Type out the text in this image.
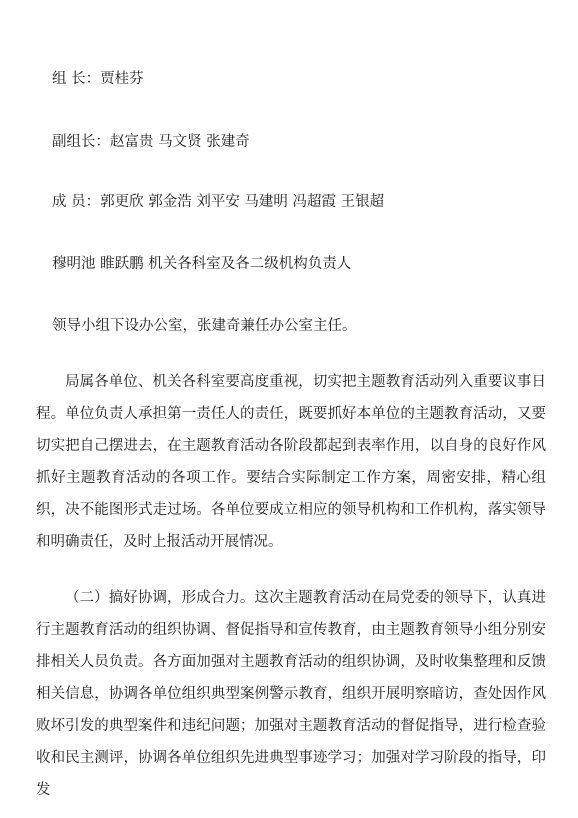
组 长：贾桂芬
副组长：赵富贵 马文贤 张建奇
成 员：郭更欣 郭金浩 刘平安 马建明 冯超霞 王银超
穆明池 睢跃鹏 机关各科室及各二级机构负责人
领导小组下设办公室，张建奇兼任办公室主任。

局属各单位、机关各科室要高度重视，切实把主题教育活动列入重要议事日程。单位负责人承担第一责任人的责任，既要抓好本单位的主题教育活动，又要切实把自己摆进去，在主题教育活动各阶段都起到表率作用，以自身的良好作风抓好主题教育活动的各项工作。要结合实际制定工作方案，周密安排，精心组织，决不能图形式走过场。各单位要成立相应的领导机构和工作机构，落实领导和明确责任，及时上报活动开展情况。

（二）搞好协调，形成合力。这次主题教育活动在局党委的领导下，认真进行主题教育活动的组织协调、督促指导和宣传教育，由主题教育领导小组分别安排相关人员负责。各方面加强对主题教育活动的组织协调，及时收集整理和反馈相关信息，协调各单位组织典型案例警示教育，组织开展明察暗访，查处因作风败坏引发的典型案件和违纪问题；加强对主题教育活动的督促指导，进行检查验收和民主测评，协调各单位组织先进典型事迹学习；加强对学习阶段的指导，印发
